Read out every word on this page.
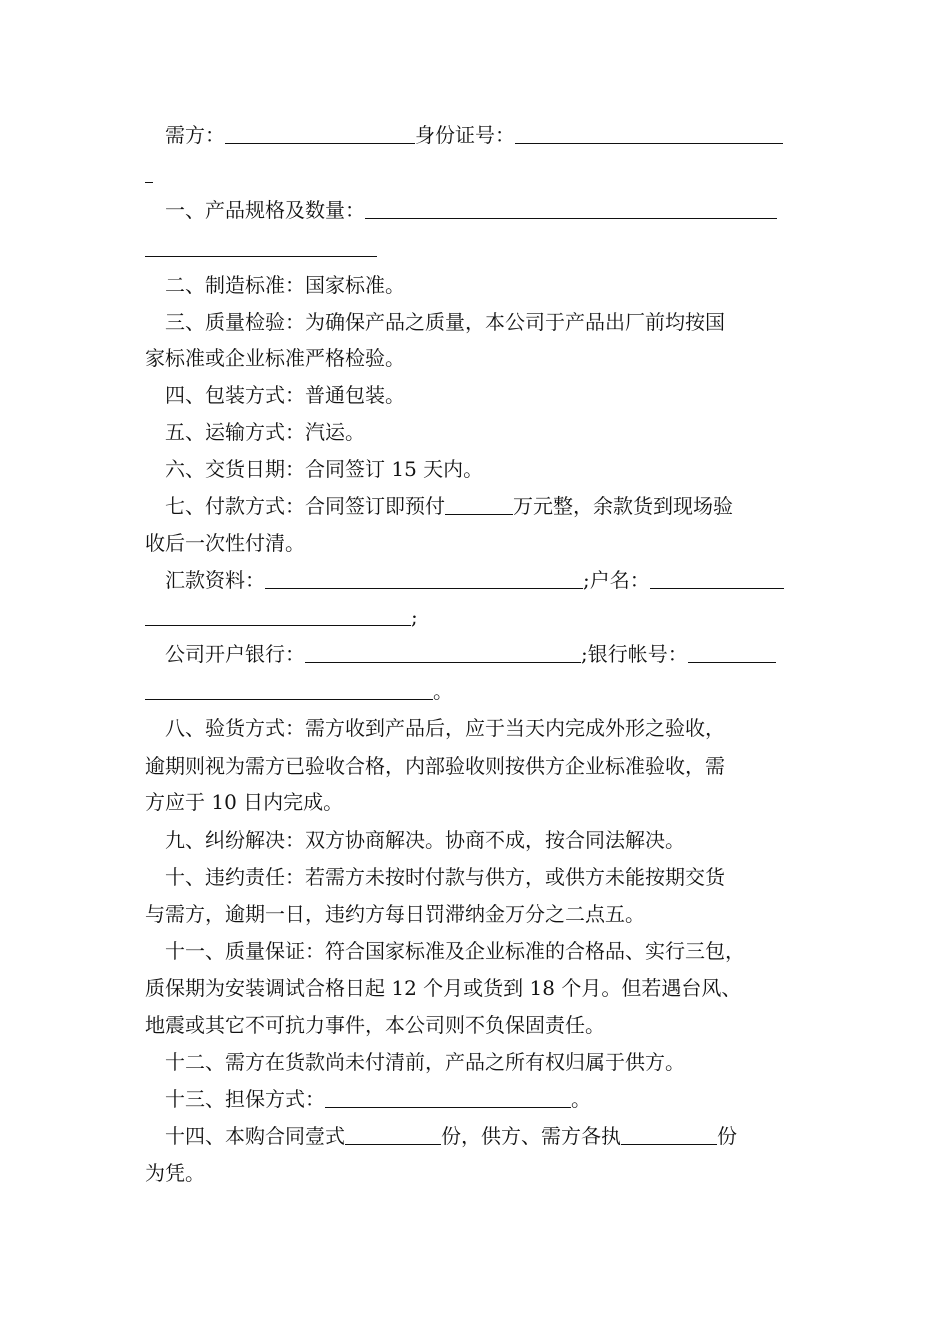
需方：	身份证号：
一、产品规格及数量：
二、制造标准：国家标准。
三、质量检验：为确保产品之质量，本公司于产品出厂前均按国
家标准或企业标准严格检验。
四、包装方式：普通包装。
五、运输方式：汽运。
六、交货日期：合同签订 15 天内。
七、付款方式：合同签订即预付	万元整，余款货到现场验
收后一次性付清。
汇款资料：	;户名：
;
公司开户银行：	;银行帐号：
。
八、验货方式：需方收到产品后，应于当天内完成外形之验收，
逾期则视为需方已验收合格，内部验收则按供方企业标准验收，需
方应于 10 日内完成。
九、纠纷解决：双方协商解决。协商不成，按合同法解决。
十、违约责任：若需方未按时付款与供方，或供方未能按期交货
与需方，逾期一日，违约方每日罚滞纳金万分之二点五。
十一、质量保证：符合国家标准及企业标准的合格品、实行三包，
质保期为安装调试合格日起 12 个月或货到 18 个月。但若遇台风、
地震或其它不可抗力事件，本公司则不负保固责任。
十二、需方在货款尚未付清前，产品之所有权归属于供方。
十三、担保方式：	。
十四、本购合同壹式	份，供方、需方各执	份
为凭。
